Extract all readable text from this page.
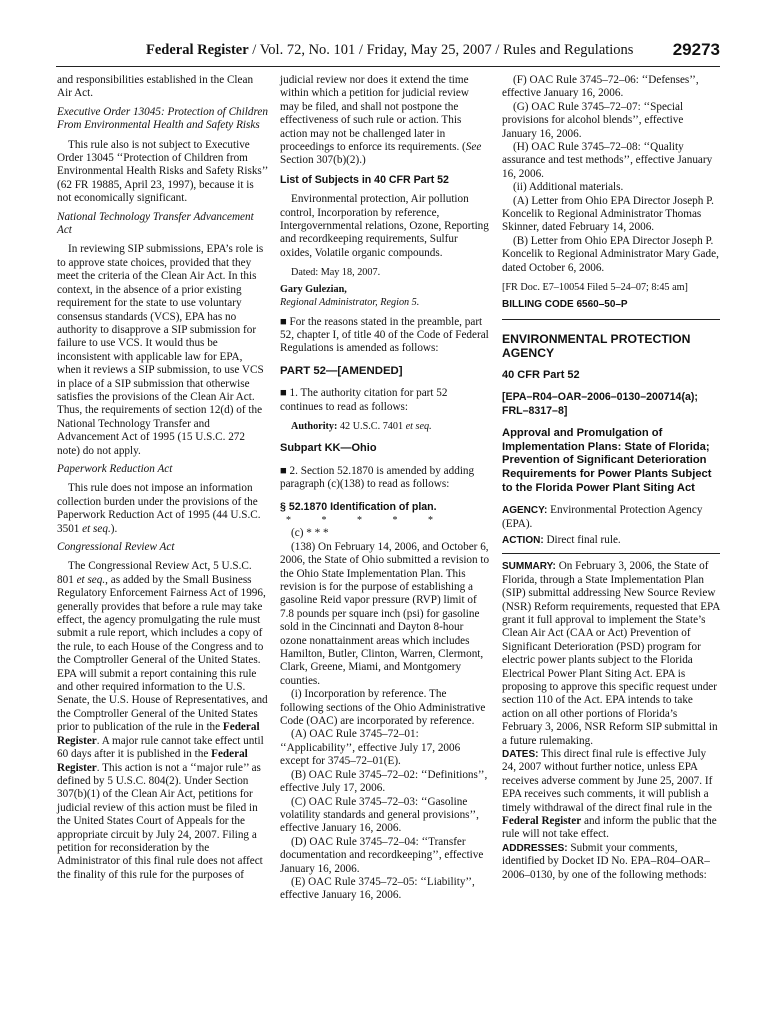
Federal Register / Vol. 72, No. 101 / Friday, May 25, 2007 / Rules and Regulations 29273

and responsibilities established in the Clean Air Act.

Executive Order 13045: Protection of Children From Environmental Health and Safety Risks

This rule also is not subject to Executive Order 13045 ‘‘Protection of Children from Environmental Health Risks and Safety Risks’’ (62 FR 19885, April 23, 1997), because it is not economically significant.

National Technology Transfer Advancement Act

In reviewing SIP submissions, EPA’s role is to approve state choices, provided that they meet the criteria of the Clean Air Act. In this context, in the absence of a prior existing requirement for the state to use voluntary consensus standards (VCS), EPA has no authority to disapprove a SIP submission for failure to use VCS. It would thus be inconsistent with applicable law for EPA, when it reviews a SIP submission, to use VCS in place of a SIP submission that otherwise satisfies the provisions of the Clean Air Act. Thus, the requirements of section 12(d) of the National Technology Transfer and Advancement Act of 1995 (15 U.S.C. 272 note) do not apply.

Paperwork Reduction Act

This rule does not impose an information collection burden under the provisions of the Paperwork Reduction Act of 1995 (44 U.S.C. 3501 et seq.).

Congressional Review Act

The Congressional Review Act, 5 U.S.C. 801 et seq., as added by the Small Business Regulatory Enforcement Fairness Act of 1996, generally provides that before a rule may take effect, the agency promulgating the rule must submit a rule report, which includes a copy of the rule, to each House of the Congress and to the Comptroller General of the United States. EPA will submit a report containing this rule and other required information to the U.S. Senate, the U.S. House of Representatives, and the Comptroller General of the United States prior to publication of the rule in the Federal Register. A major rule cannot take effect until 60 days after it is published in the Federal Register. This action is not a ‘‘major rule’’ as defined by 5 U.S.C. 804(2). Under Section 307(b)(1) of the Clean Air Act, petitions for judicial review of this action must be filed in the United States Court of Appeals for the appropriate circuit by July 24, 2007. Filing a petition for reconsideration by the Administrator of this final rule does not affect the finality of this rule for the purposes of

judicial review nor does it extend the time within which a petition for judicial review may be filed, and shall not postpone the effectiveness of such rule or action. This action may not be challenged later in proceedings to enforce its requirements. (See Section 307(b)(2).)

List of Subjects in 40 CFR Part 52

Environmental protection, Air pollution control, Incorporation by reference, Intergovernmental relations, Ozone, Reporting and recordkeeping requirements, Sulfur oxides, Volatile organic compounds.

Dated: May 18, 2007.

Gary Gulezian,

Regional Administrator, Region 5.

■ For the reasons stated in the preamble, part 52, chapter I, of title 40 of the Code of Federal Regulations is amended as follows:

PART 52—[AMENDED]

■ 1. The authority citation for part 52 continues to read as follows:

Authority: 42 U.S.C. 7401 et seq.

Subpart KK—Ohio

■ 2. Section 52.1870 is amended by adding paragraph (c)(138) to read as follows:

§ 52.1870 Identification of plan.

* * * * *

(c) * * *

(138) On February 14, 2006, and October 6, 2006, the State of Ohio submitted a revision to the Ohio State Implementation Plan. This revision is for the purpose of establishing a gasoline Reid vapor pressure (RVP) limit of 7.8 pounds per square inch (psi) for gasoline sold in the Cincinnati and Dayton 8-hour ozone nonattainment areas which includes Hamilton, Butler, Clinton, Warren, Clermont, Clark, Greene, Miami, and Montgomery counties.

(i) Incorporation by reference. The following sections of the Ohio Administrative Code (OAC) are incorporated by reference.

(A) OAC Rule 3745–72–01: ‘‘Applicability’’, effective July 17, 2006 except for 3745–72–01(E).

(B) OAC Rule 3745–72–02: ‘‘Definitions’’, effective July 17, 2006.

(C) OAC Rule 3745–72–03: ‘‘Gasoline volatility standards and general provisions’’, effective January 16, 2006.

(D) OAC Rule 3745–72–04: ‘‘Transfer documentation and recordkeeping’’, effective January 16, 2006.

(E) OAC Rule 3745–72–05: ‘‘Liability’’, effective January 16, 2006.

(F) OAC Rule 3745–72–06: ‘‘Defenses’’, effective January 16, 2006.

(G) OAC Rule 3745–72–07: ‘‘Special provisions for alcohol blends’’, effective January 16, 2006.

(H) OAC Rule 3745–72–08: ‘‘Quality assurance and test methods’’, effective January 16, 2006.

(ii) Additional materials.

(A) Letter from Ohio EPA Director Joseph P. Koncelik to Regional Administrator Thomas Skinner, dated February 14, 2006.

(B) Letter from Ohio EPA Director Joseph P. Koncelik to Regional Administrator Mary Gade, dated October 6, 2006.

[FR Doc. E7–10054 Filed 5–24–07; 8:45 am]

BILLING CODE 6560–50–P

ENVIRONMENTAL PROTECTION AGENCY

40 CFR Part 52

[EPA–R04–OAR–2006–0130–200714(a); FRL–8317–8]

Approval and Promulgation of Implementation Plans: State of Florida; Prevention of Significant Deterioration Requirements for Power Plants Subject to the Florida Power Plant Siting Act

AGENCY: Environmental Protection Agency (EPA).

ACTION: Direct final rule.

SUMMARY: On February 3, 2006, the State of Florida, through a State Implementation Plan (SIP) submittal addressing New Source Review (NSR) Reform requirements, requested that EPA grant it full approval to implement the State’s Clean Air Act (CAA or Act) Prevention of Significant Deterioration (PSD) program for electric power plants subject to the Florida Electrical Power Plant Siting Act. EPA is proposing to approve this specific request under section 110 of the Act. EPA intends to take action on all other portions of Florida’s February 3, 2006, NSR Reform SIP submittal in a future rulemaking.

DATES: This direct final rule is effective July 24, 2007 without further notice, unless EPA receives adverse comment by June 25, 2007. If EPA receives such comments, it will publish a timely withdrawal of the direct final rule in the Federal Register and inform the public that the rule will not take effect.

ADDRESSES: Submit your comments, identified by Docket ID No. EPA–R04–OAR–2006–0130, by one of the following methods:
